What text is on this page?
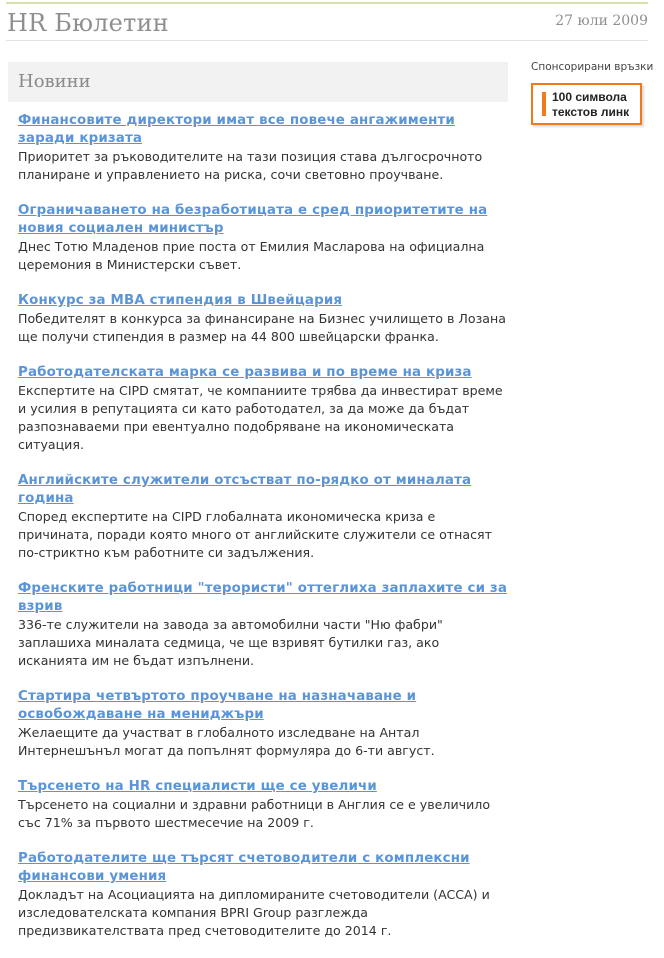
HR Бюлетин	27 юли 2009
Новини
Финансовите директори имат все повече ангажименти заради кризата
Приоритет за ръководителите на тази позиция става дългосрочното планиране и управлението на риска, сочи световно проучване.
Ограничаването на безработицата е сред приоритетите на новия социален министър
Днес Тотю Младенов прие поста от Емилия Масларова на официална церемония в Министерски съвет.
Конкурс за MBA стипендия в Швейцария
Победителят в конкурса за финансиране на Бизнес училището в Лозана ще получи стипендия в размер на 44 800 швейцарски франка.
Работодателската марка се развива и по време на криза
Експертите на CIPD смятат, че компаниите трябва да инвестират време и усилия в репутацията си като работодател, за да може да бъдат разпознаваеми при евентуално подобряване на икономическата ситуация.
Английските служители отсъстват по-рядко от миналата година
Според експертите на CIPD глобалната икономическа криза е причината, поради която много от английските служители се отнасят по-стриктно към работните си задължения.
Френските работници "терористи" оттеглиха заплахите си за взрив
336-те служители на завода за автомобилни части "Ню фабри" заплашиха миналата седмица, че ще взривят бутилки газ, ако исканията им не бъдат изпълнени.
Стартира четвъртото проучване на назначаване и освобождаване на мениджъри
Желаещите да участват в глобалното изследване на Антал Интернешънъл могат да попълнят формуляра до 6-ти август.
Търсенето на HR специалисти ще се увеличи
Търсенето на социални и здравни работници в Англия се е увеличило със 71% за първото шестмесечие на 2009 г.
Работодателите ще търсят счетоводители с комплексни финансови умения
Докладът на Асоциацията на дипломираните счетоводители (ACCA) и изследователската компания BPRI Group разглежда предизвикателствата пред счетоводителите до 2014 г.
Спонсорирани връзки
100 символа
текстов линк
